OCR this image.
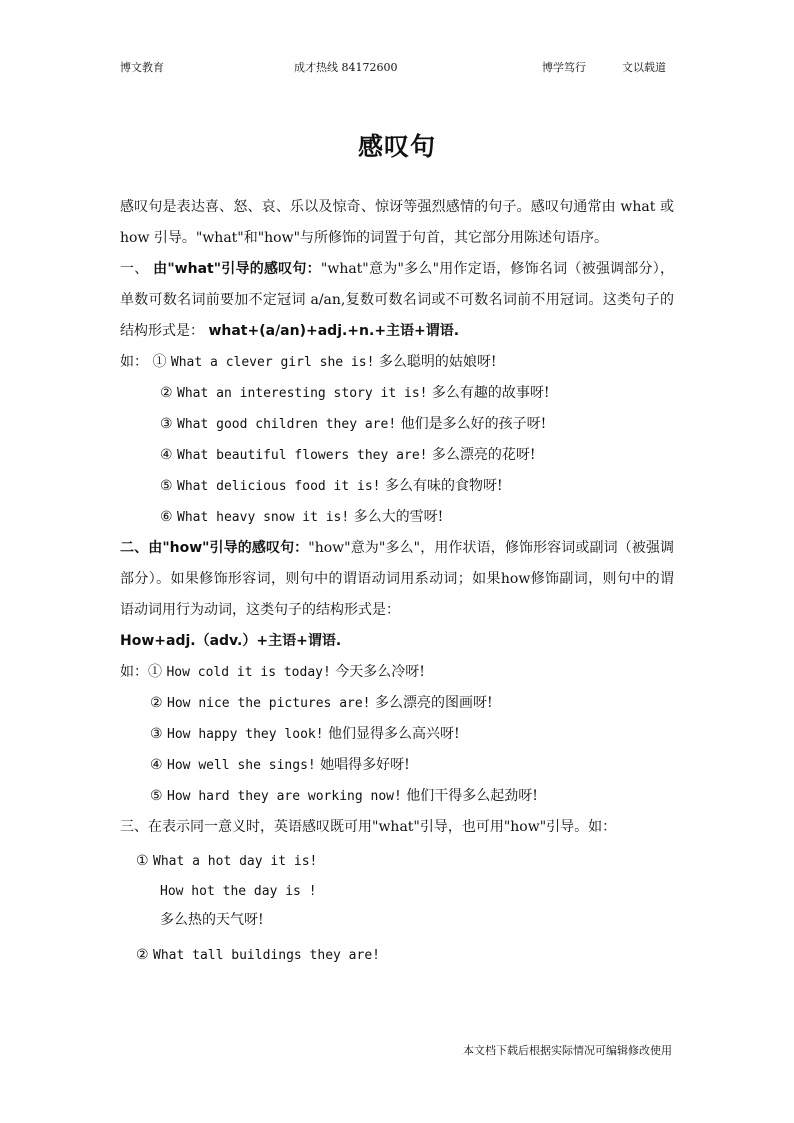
博文教育	成才热线 84172600	博学笃行	文以载道
感叹句

感叹句是表达喜、怒、哀、乐以及惊奇、惊讶等强烈感情的句子。感叹句通常由 what 或 how 引导。"what"和"how"与所修饰的词置于句首，其它部分用陈述句语序。

一、 由"what"引导的感叹句："what"意为"多么"用作定语，修饰名词（被强调部分），单数可数名词前要加不定冠词 a/an,复数可数名词或不可数名词前不用冠词。这类句子的结构形式是： what+(a/an)+adj.+n.+主语+谓语.

如： ① What a clever girl she is! 多么聪明的姑娘呀!
② What an interesting story it is! 多么有趣的故事呀!
③ What good children they are! 他们是多么好的孩子呀!
④ What beautiful flowers they are! 多么漂亮的花呀!
⑤ What delicious food it is! 多么有味的食物呀!
⑥ What heavy snow it is! 多么大的雪呀!

二、由"how"引导的感叹句："how"意为"多么"，用作状语，修饰形容词或副词（被强调部分）。如果修饰形容词，则句中的谓语动词用系动词；如果how修饰副词，则句中的谓语动词用行为动词，这类句子的结构形式是：

How+adj.（adv.）+主语+谓语.
如：① How cold it is today! 今天多么冷呀!
② How nice the pictures are! 多么漂亮的图画呀!
③ How happy they look! 他们显得多么高兴呀!
④ How well she sings! 她唱得多好呀!
⑤ How hard they are working now! 他们干得多么起劲呀!
三、在表示同一意义时，英语感叹既可用"what"引导，也可用"how"引导。如：
① What a hot day it is!
How hot the day is !
多么热的天气呀!
② What tall buildings they are!
本文档下载后根据实际情况可编辑修改使用
